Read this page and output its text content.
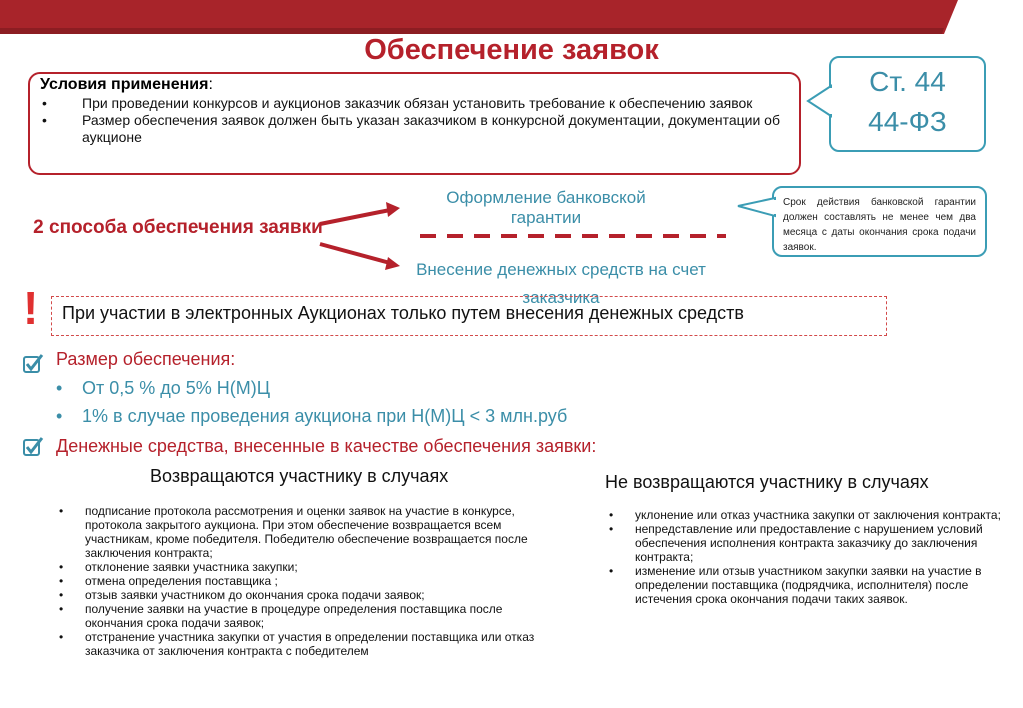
Обеспечение заявок
Условия применения:
• При проведении конкурсов и аукционов заказчик обязан установить требование к обеспечению заявок
• Размер обеспечения заявок должен быть указан заказчиком в конкурсной документации, документации об аукционе
Ст. 44
44-ФЗ
2 способа обеспечения заявки
Оформление банковской гарантии
Внесение денежных средств на счет заказчика
Срок действия банковской гарантии должен составлять не менее чем два месяца с даты окончания срока подачи заявок.
!	При участии в электронных Аукционах только путем внесения денежных средств
Размер обеспечения:
• От 0,5 % до 5% Н(М)Ц
• 1% в случае проведения аукциона при Н(М)Ц < 3 млн.руб
Денежные средства, внесенные в качестве обеспечения заявки:
Возвращаются участнику в случаях
• подписание протокола рассмотрения и оценки заявок на участие в конкурсе, протокола закрытого аукциона. При этом обеспечение возвращается всем участникам, кроме победителя. Победителю обеспечение возвращается после заключения контракта;
• отклонение заявки участника закупки;
• отмена определения поставщика ;
• отзыв заявки участником до окончания срока подачи заявок;
• получение заявки на участие в процедуре определения поставщика после окончания срока подачи заявок;
• отстранение участника закупки от участия в определении поставщика или отказ заказчика от заключения контракта с победителем
Не возвращаются участнику в случаях
• уклонение или отказ участника закупки от заключения контракта;
• непредставление или предоставление с нарушением условий обеспечения исполнения контракта заказчику до заключения контракта;
• изменение или отзыв участником закупки заявки на участие в определении поставщика (подрядчика, исполнителя) после истечения срока окончания подачи таких заявок.
